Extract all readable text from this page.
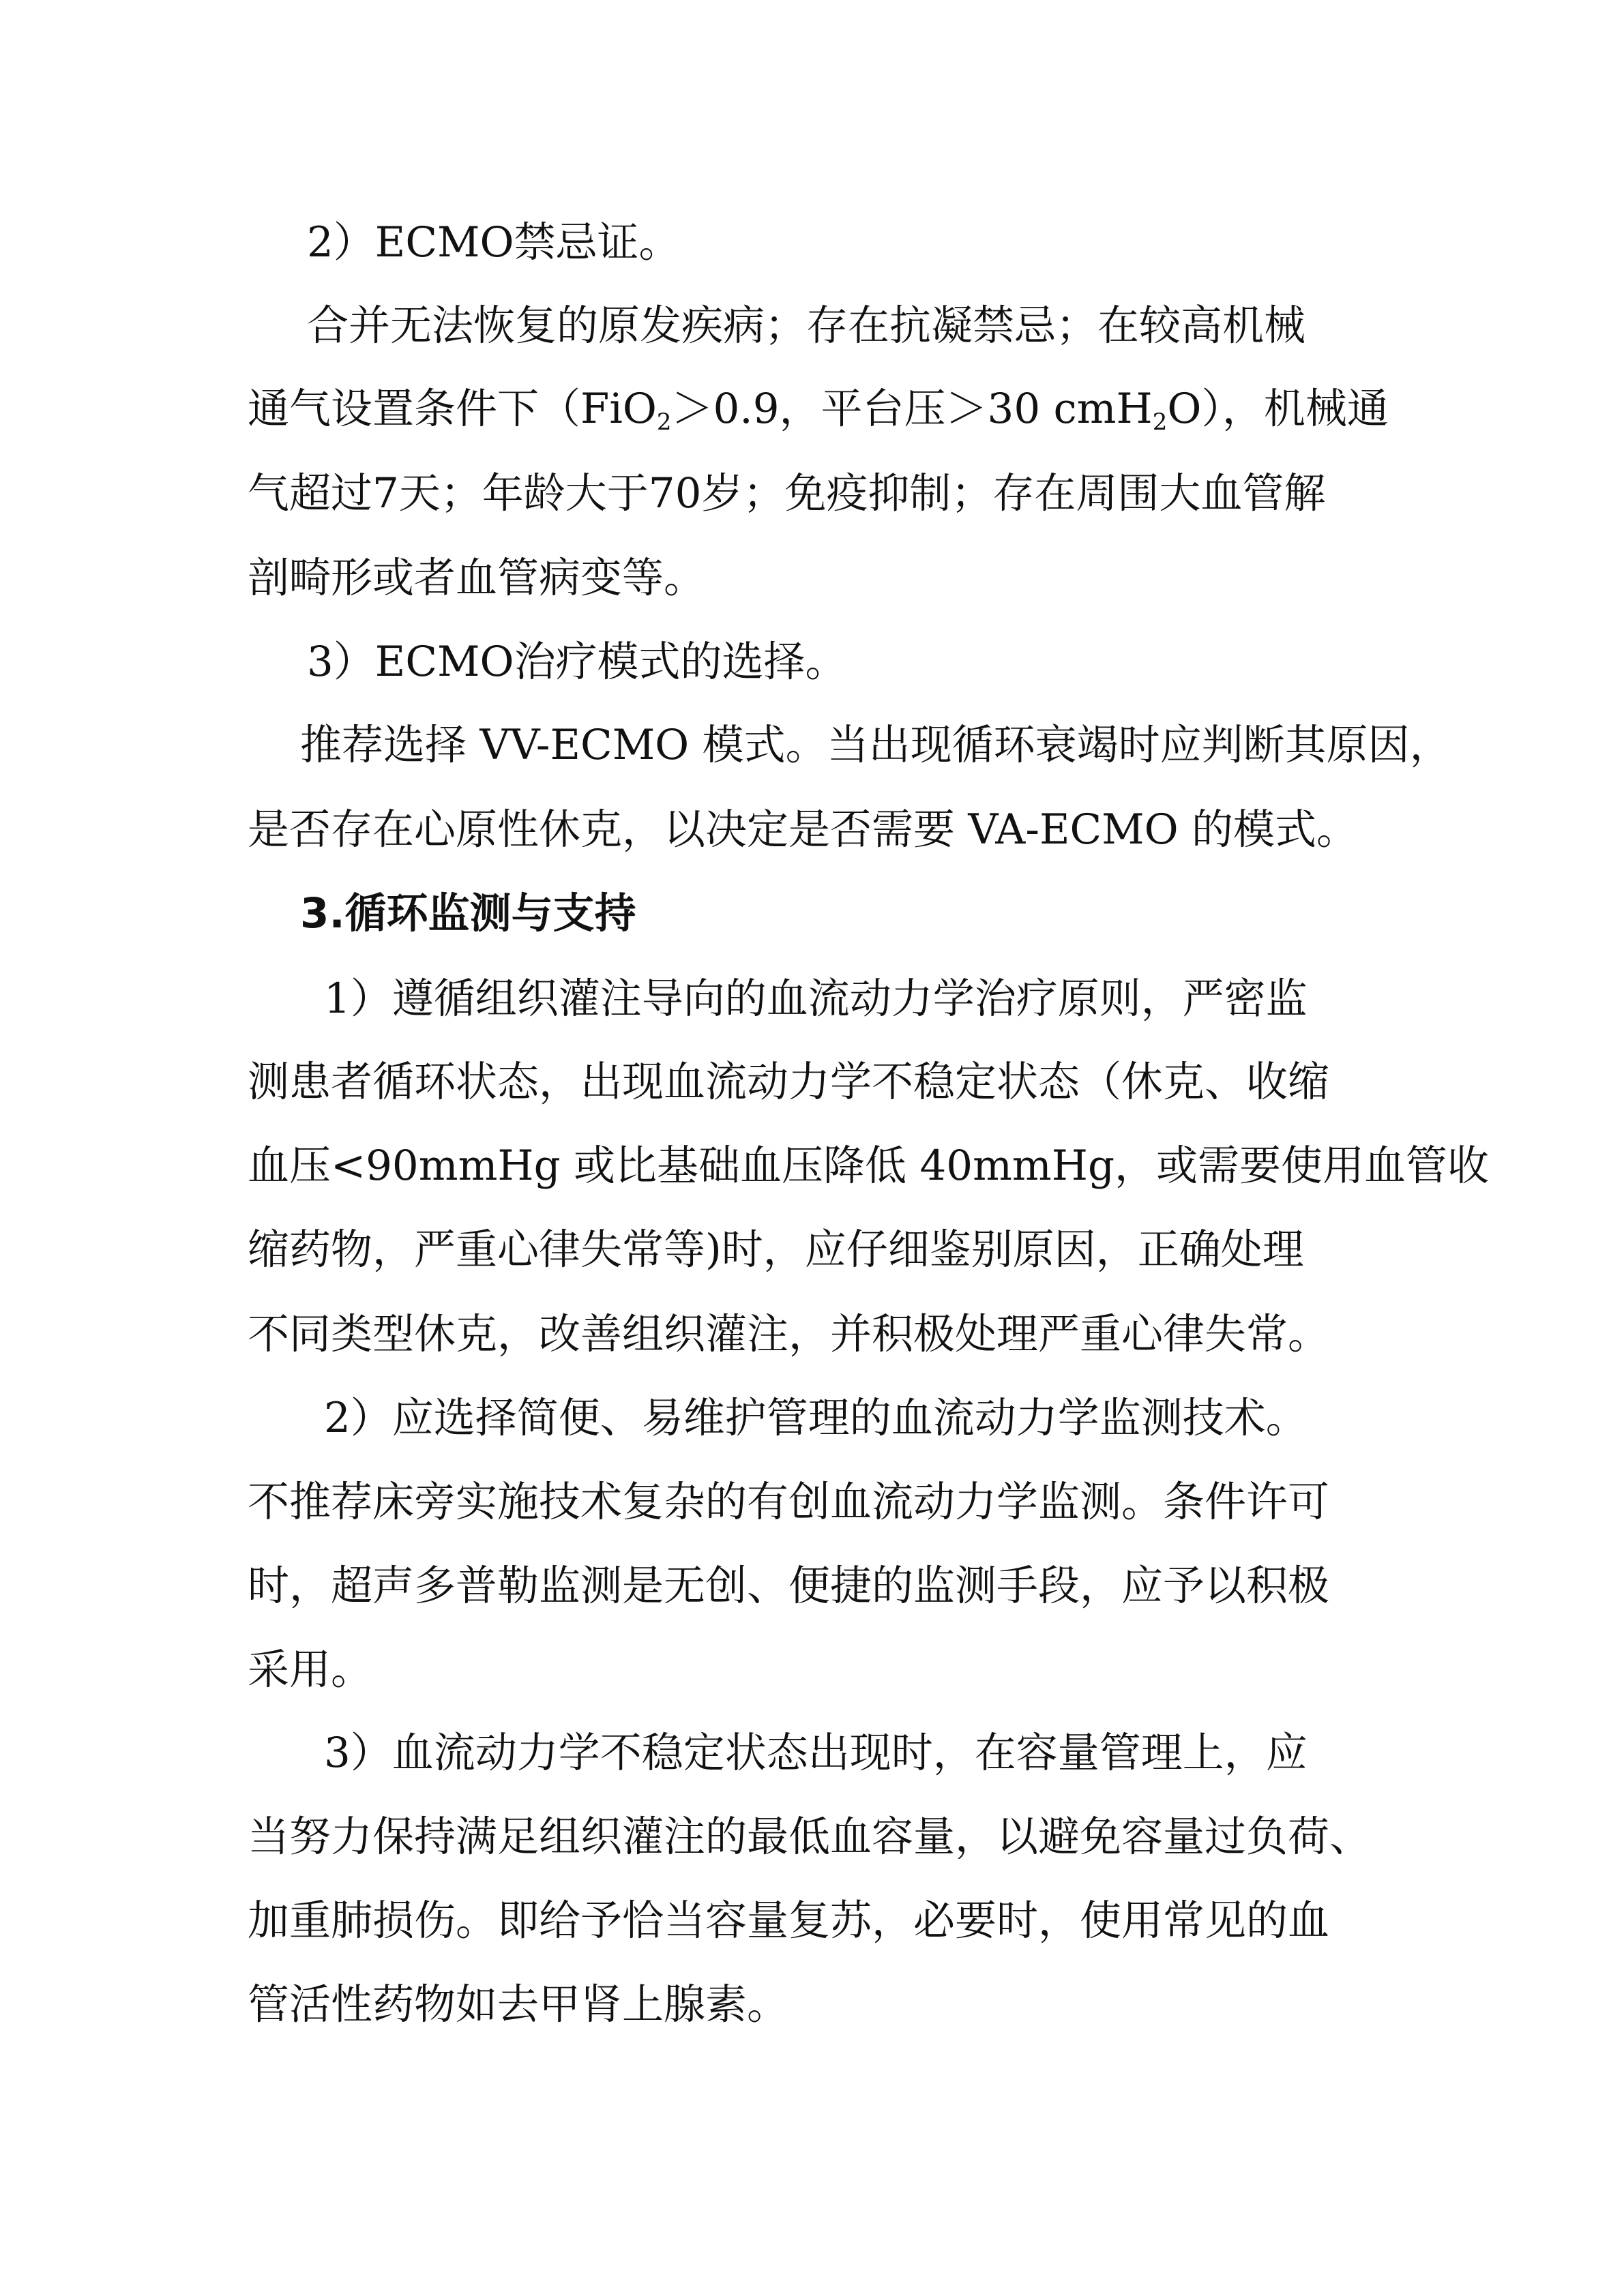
2）ECMO禁忌证。
合并无法恢复的原发疾病；存在抗凝禁忌；在较高机械
通气设置条件下（FiO$_2$＞0.9，平台压＞30 cmH$_2$O），机械通
气超过7天；年龄大于70岁；免疫抑制；存在周围大血管解
剖畸形或者血管病变等。
3）ECMO治疗模式的选择。
推荐选择 VV-ECMO 模式。当出现循环衰竭时应判断其原因，
是否存在心原性休克，以决定是否需要 VA-ECMO 的模式。
3.循环监测与支持
1）遵循组织灌注导向的血流动力学治疗原则，严密监
测患者循环状态，出现血流动力学不稳定状态（休克、收缩
血压<90mmHg 或比基础血压降低 40mmHg，或需要使用血管收
缩药物，严重心律失常等)时，应仔细鉴别原因，正确处理
不同类型休克，改善组织灌注，并积极处理严重心律失常。
2）应选择简便、易维护管理的血流动力学监测技术。
不推荐床旁实施技术复杂的有创血流动力学监测。条件许可
时，超声多普勒监测是无创、便捷的监测手段，应予以积极
采用。
3）血流动力学不稳定状态出现时，在容量管理上，应
当努力保持满足组织灌注的最低血容量，以避免容量过负荷、
加重肺损伤。即给予恰当容量复苏，必要时，使用常见的血
管活性药物如去甲肾上腺素。
